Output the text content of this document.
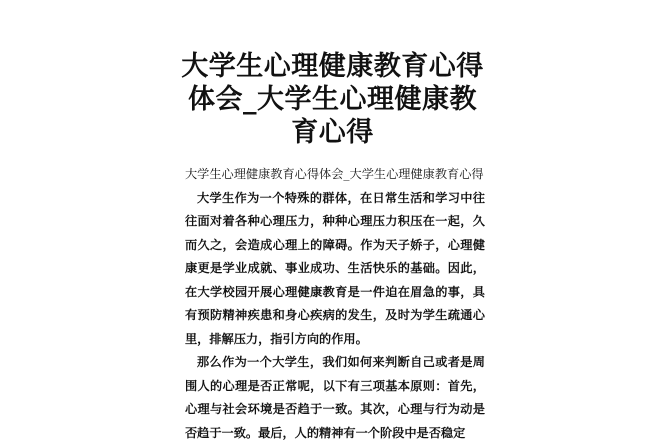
大学生心理健康教育心得体会_大学生心理健康教育心得

大学生心理健康教育心得体会_大学生心理健康教育心得

大学生作为一个特殊的群体，在日常生活和学习中往往面对着各种心理压力，种种心理压力积压在一起，久而久之，会造成心理上的障碍。作为天子娇子，心理健康更是学业成就、事业成功、生活快乐的基础。因此，在大学校园开展心理健康教育是一件迫在眉急的事，具有预防精神疾患和身心疾病的发生，及时为学生疏通心里，排解压力，指引方向的作用。

那么作为一个大学生，我们如何来判断自己或者是周围人的心理是否正常呢，以下有三项基本原则：首先，心理与社会环境是否趋于一致。其次，心理与行为动是否趋于一致。最后，人的精神有一个阶段中是否稳定
